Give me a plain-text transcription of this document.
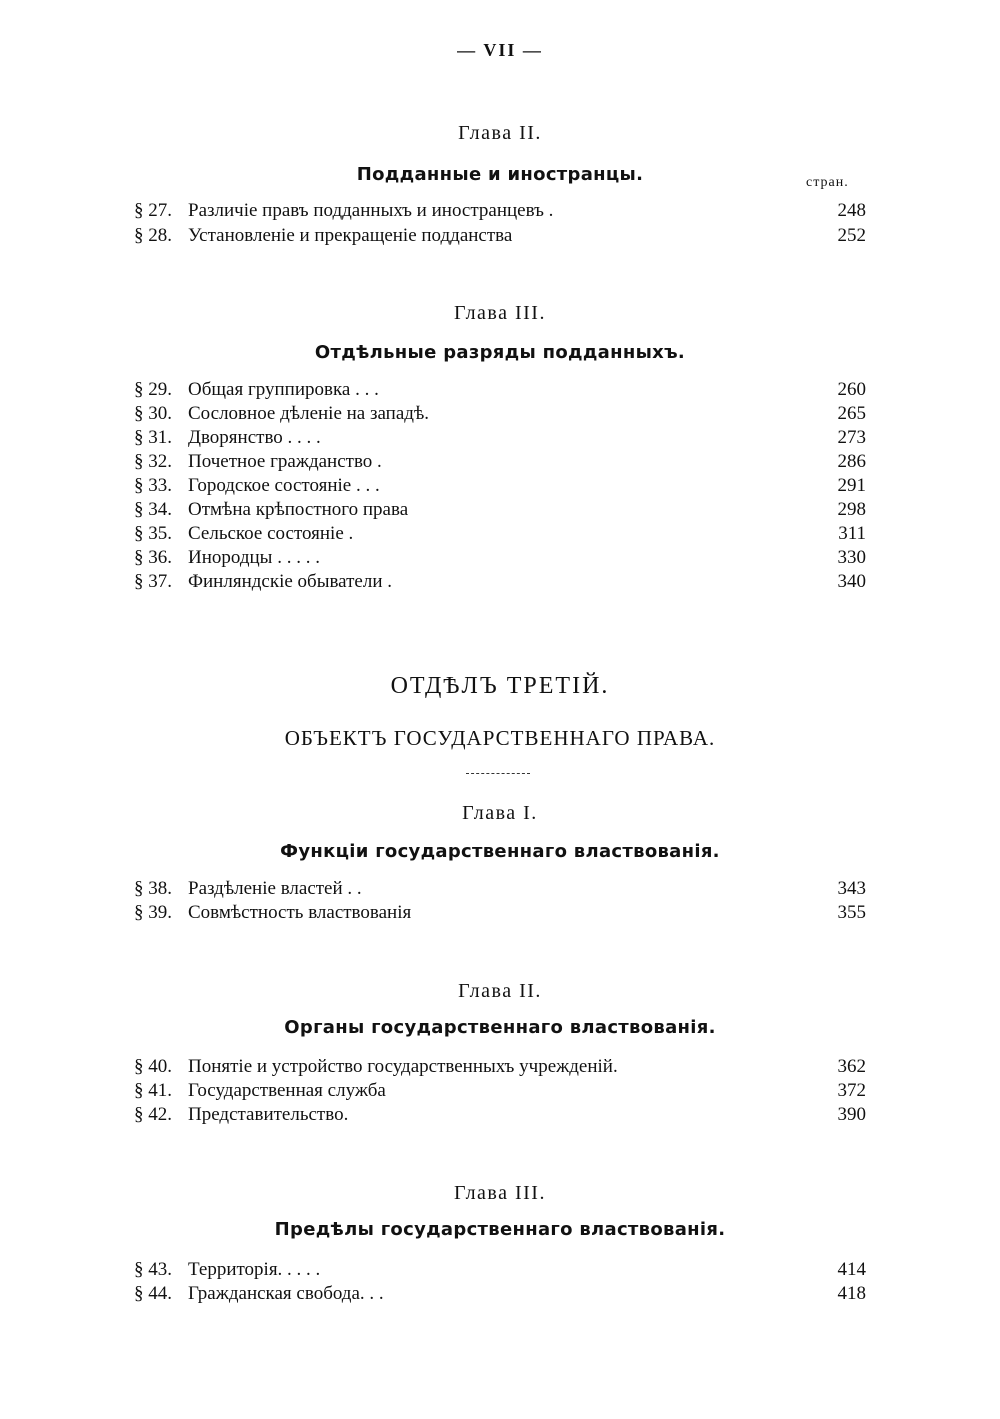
— VII —
Глава II.
Подданные и иностранцы.	стран.
§ 27. Различіе правъ подданныхъ и иностранцевъ .	248
§ 28. Установленіе и прекращеніе подданства	252
Глава III.
Отдѣльные разряды подданныхъ.
§ 29. Общая группировка . . .	260
§ 30. Сословное дѣленіе на западѣ.	265
§ 31. Дворянство . . . .	273
§ 32. Почетное гражданство .	286
§ 33. Городское состояніе . . .	291
§ 34. Отмѣна крѣпостного права	298
§ 35. Сельское состояніе .	311
§ 36. Инородцы . . . . .	330
§ 37. Финляндскіе обыватели .	340
ОТДѢЛЪ ТРЕТІЙ.
ОБЪЕКТЪ ГОСУДАРСТВЕННАГО ПРАВА.
Глава I.
Функціи государственнаго властвованія.
§ 38. Раздѣленіе властей . .	343
§ 39. Совмѣстность властвованія	355
Глава II.
Органы государственнаго властвованія.
§ 40. Понятіе и устройство государственныхъ учрежденій.	362
§ 41. Государственная служба	372
§ 42. Представительство.	390
Глава III.
Предѣлы государственнаго властвованія.
§ 43. Территорія. . . . .	414
§ 44. Гражданская свобода. . .	418
